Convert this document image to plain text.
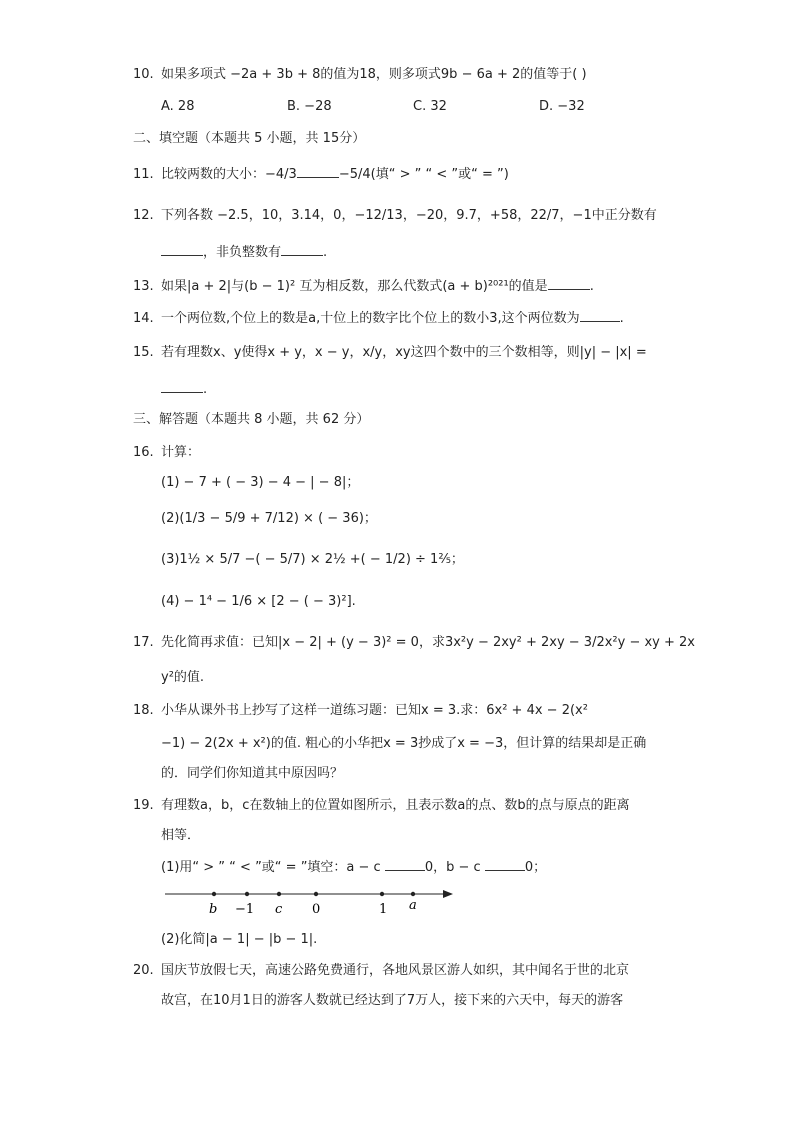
10. 如果多项式 −2a + 3b + 8的值为18，则多项式9b − 6a + 2的值等于( )
A. 28	B. −28	C. 32	D. −32
二、填空题（本题共 5 小题，共 15分）
11. 比较两数的大小：−4/3	−5/4(填“ > ” “ < ”或“ = ”)
12. 下列各数 −2.5，10，3.14，0，−12/13，−20，9.7，+58，22/7，−1中正分数有
，非负整数有	.
13. 如果|a + 2|与(b − 1)² 互为相反数，那么代数式(a + b)²⁰²¹的值是	.
14. 一个两位数,个位上的数是a,十位上的数字比个位上的数小3,这个两位数为	.
15. 若有理数x、y使得x + y，x − y，x/y，xy这四个数中的三个数相等，则|y| − |x| =
.
三、解答题（本题共 8 小题，共 62 分）
16. 计算：
(1) − 7 + ( − 3) − 4 − | − 8|；
(2)(1/3 − 5/9 + 7/12) × ( − 36)；
(3)1½ × 5/7 −( − 5/7) × 2½ +( − 1/2) ÷ 1⅖；
(4) − 1⁴ − 1/6 × [2 − ( − 3)²].
17. 先化简再求值：已知|x − 2| + (y − 3)² = 0，求3x²y − 2xy² + 2xy − 3/2x²y − xy + 2x
y²的值.
18. 小华从课外书上抄写了这样一道练习题：已知x = 3.求：6x² + 4x − 2(x²
−1) − 2(2x + x²)的值. 粗心的小华把x = 3抄成了x = −3，但计算的结果却是正确
的．同学们你知道其中原因吗？
19. 有理数a，b，c在数轴上的位置如图所示，且表示数a的点、数b的点与原点的距离
相等．
(1)用“ > ” “ < ”或“ = ”填空：a − c	0，b − c	0；
b −1 c 0	1 a
(2)化简|a − 1| − |b − 1|.
20. 国庆节放假七天，高速公路免费通行，各地风景区游人如织，其中闻名于世的北京
故宫，在10月1日的游客人数就已经达到了7万人，接下来的六天中，每天的游客
